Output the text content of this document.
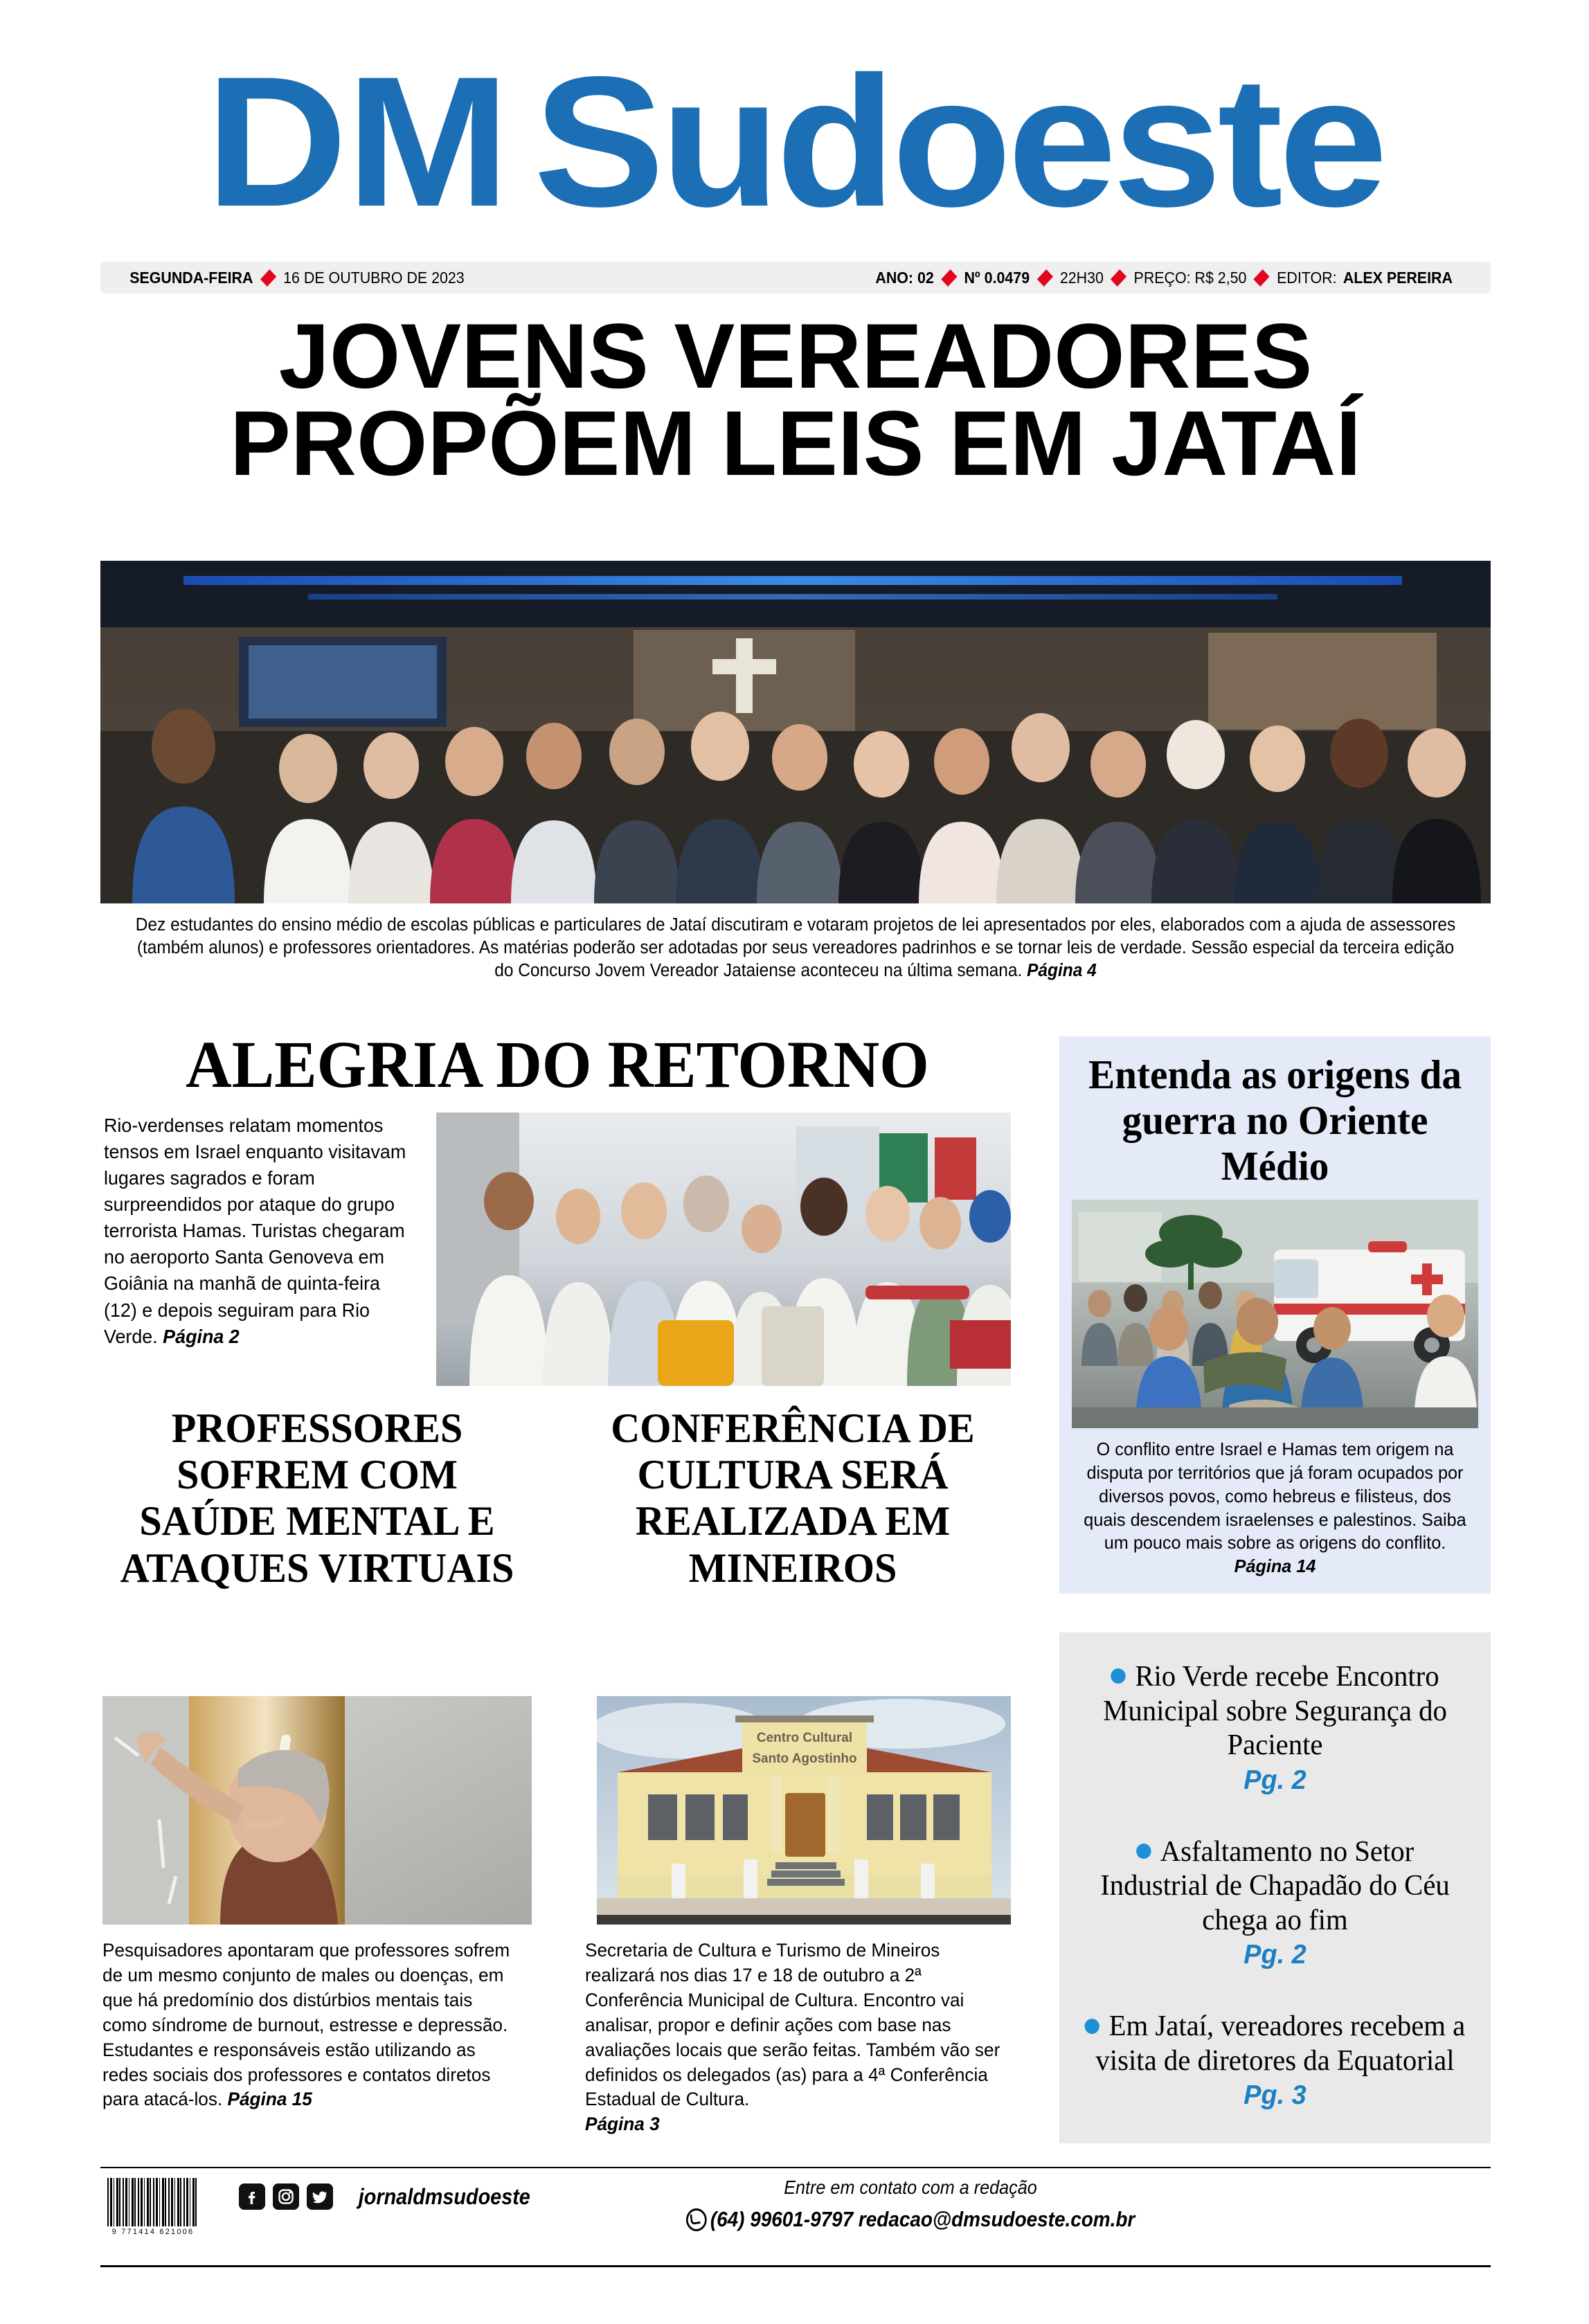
DM Sudoeste
SEGUNDA-FEIRA 16 DE OUTUBRO DE 2023	ANO: 02 Nº 0.0479 22H30 PREÇO: R$ 2,50 EDITOR: ALEX PEREIRA
JOVENS VEREADORES
PROPÕEM LEIS EM JATAÍ
Dez estudantes do ensino médio de escolas públicas e particulares de Jataí discutiram e votaram projetos de lei apresentados por eles, elaborados com a ajuda de assessores (também alunos) e professores orientadores. As matérias poderão ser adotadas por seus vereadores padrinhos e se tornar leis de verdade. Sessão especial da terceira edição do Concurso Jovem Vereador Jataiense aconteceu na última semana. Página 4
ALEGRIA DO RETORNO
Rio-verdenses relatam momentos tensos em Israel enquanto visitavam lugares sagrados e foram surpreendidos por ataque do grupo terrorista Hamas. Turistas chegaram no aeroporto Santa Genoveva em Goiânia na manhã de quinta-feira (12) e depois seguiram para Rio Verde. Página 2
PROFESSORES SOFREM COM SAÚDE MENTAL E ATAQUES VIRTUAIS
CONFERÊNCIA DE CULTURA SERÁ REALIZADA EM MINEIROS
Centro Cultural
Santo Agostinho
Pesquisadores apontaram que professores sofrem de um mesmo conjunto de males ou doenças, em que há predomínio dos distúrbios mentais tais como síndrome de burnout, estresse e depressão. Estudantes e responsáveis estão utilizando as redes sociais dos professores e contatos diretos para atacá-los. Página 15
Secretaria de Cultura e Turismo de Mineiros realizará nos dias 17 e 18 de outubro a 2ª Conferência Municipal de Cultura. Encontro vai analisar, propor e definir ações com base nas avaliações locais que serão feitas. Também vão ser definidos os delegados (as) para a 4ª Conferência Estadual de Cultura.
Página 3
Entenda as origens da guerra no Oriente Médio
O conflito entre Israel e Hamas tem origem na disputa por territórios que já foram ocupados por diversos povos, como hebreus e filisteus, dos quais descendem israelenses e palestinos. Saiba um pouco mais sobre as origens do conflito. Página 14
Rio Verde recebe Encontro Municipal sobre Segurança do Paciente
Pg. 2
Asfaltamento no Setor Industrial de Chapadão do Céu chega ao fim
Pg. 2
Em Jataí, vereadores recebem a visita de diretores da Equatorial
Pg. 3
9 771414 621006
jornaldmsudoeste	Entre em contato com a redação
(64) 99601-9797 redacao@dmsudoeste.com.br
